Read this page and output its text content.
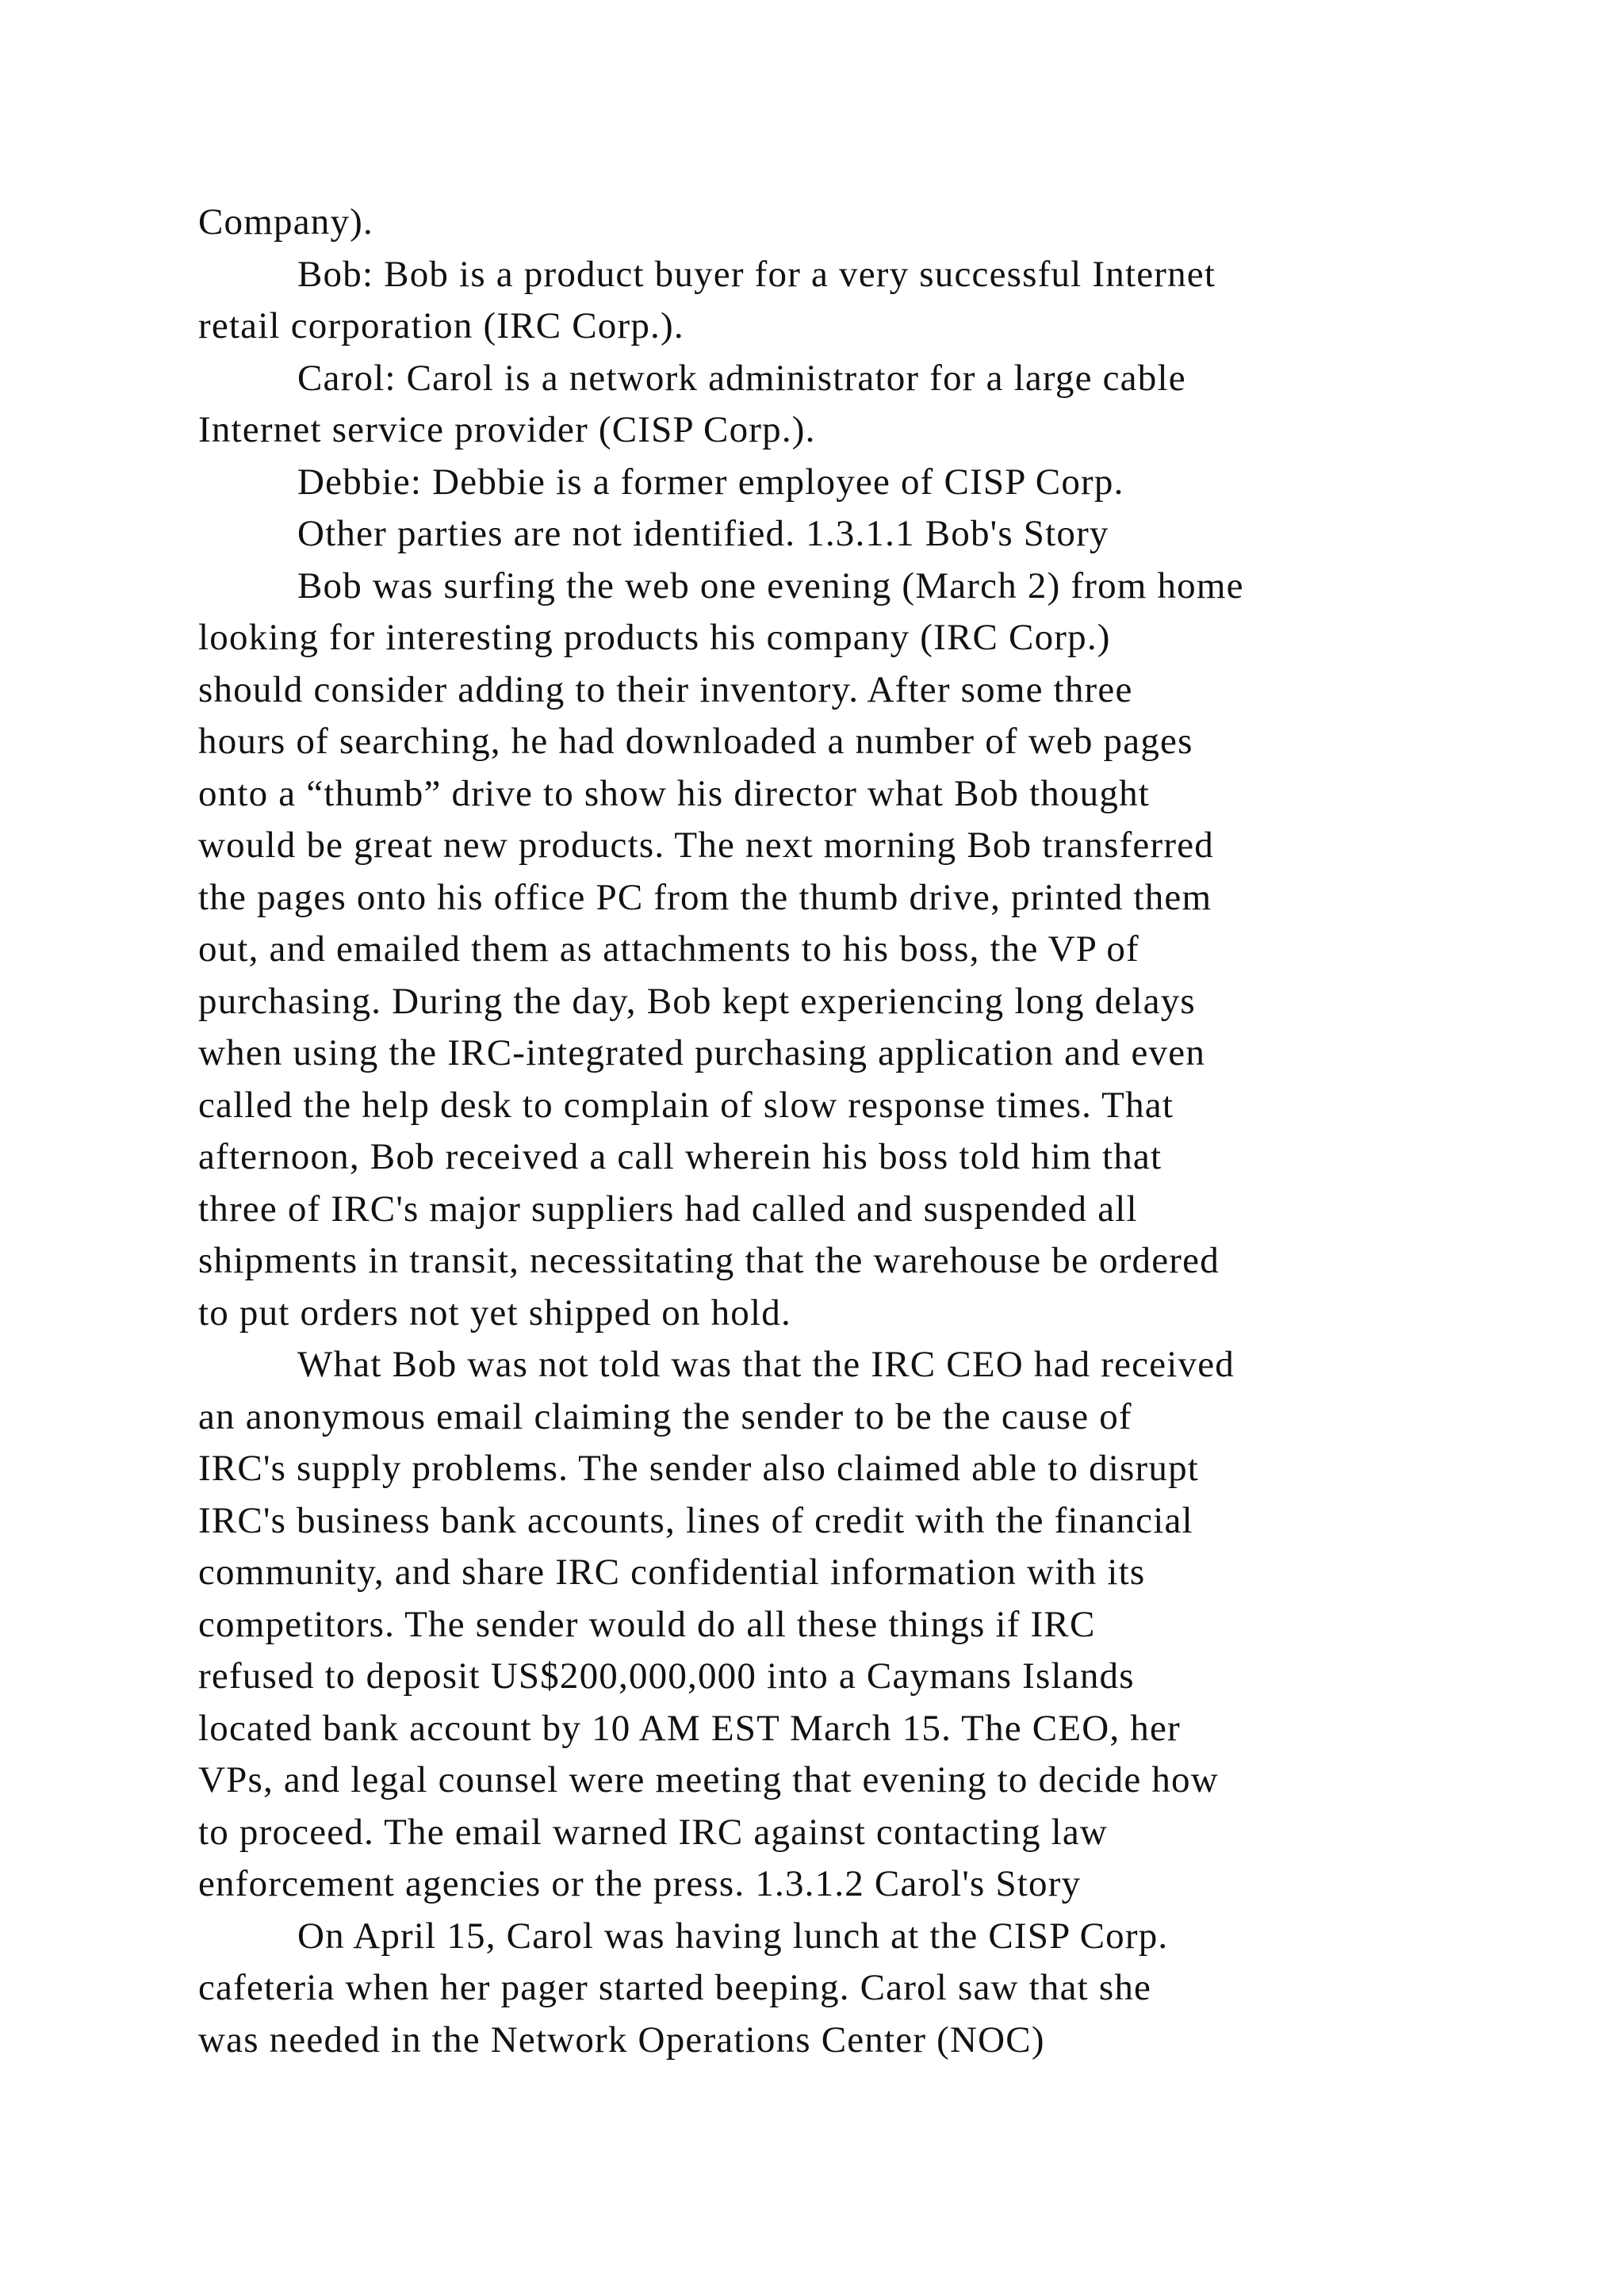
Company).
Bob: Bob is a product buyer for a very successful Internet
retail corporation (IRC Corp.).
Carol: Carol is a network administrator for a large cable
Internet service provider (CISP Corp.).
Debbie: Debbie is a former employee of CISP Corp.
Other parties are not identified. 1.3.1.1 Bob's Story
Bob was surfing the web one evening (March 2) from home
looking for interesting products his company (IRC Corp.)
should consider adding to their inventory. After some three
hours of searching, he had downloaded a number of web pages
onto a “thumb” drive to show his director what Bob thought
would be great new products. The next morning Bob transferred
the pages onto his office PC from the thumb drive, printed them
out, and emailed them as attachments to his boss, the VP of
purchasing. During the day, Bob kept experiencing long delays
when using the IRC-integrated purchasing application and even
called the help desk to complain of slow response times. That
afternoon, Bob received a call wherein his boss told him that
three of IRC's major suppliers had called and suspended all
shipments in transit, necessitating that the warehouse be ordered
to put orders not yet shipped on hold.
What Bob was not told was that the IRC CEO had received
an anonymous email claiming the sender to be the cause of
IRC's supply problems. The sender also claimed able to disrupt
IRC's business bank accounts, lines of credit with the financial
community, and share IRC confidential information with its
competitors. The sender would do all these things if IRC
refused to deposit US$200,000,000 into a Caymans Islands
located bank account by 10 AM EST March 15. The CEO, her
VPs, and legal counsel were meeting that evening to decide how
to proceed. The email warned IRC against contacting law
enforcement agencies or the press. 1.3.1.2 Carol's Story
On April 15, Carol was having lunch at the CISP Corp.
cafeteria when her pager started beeping. Carol saw that she
was needed in the Network Operations Center (NOC)
